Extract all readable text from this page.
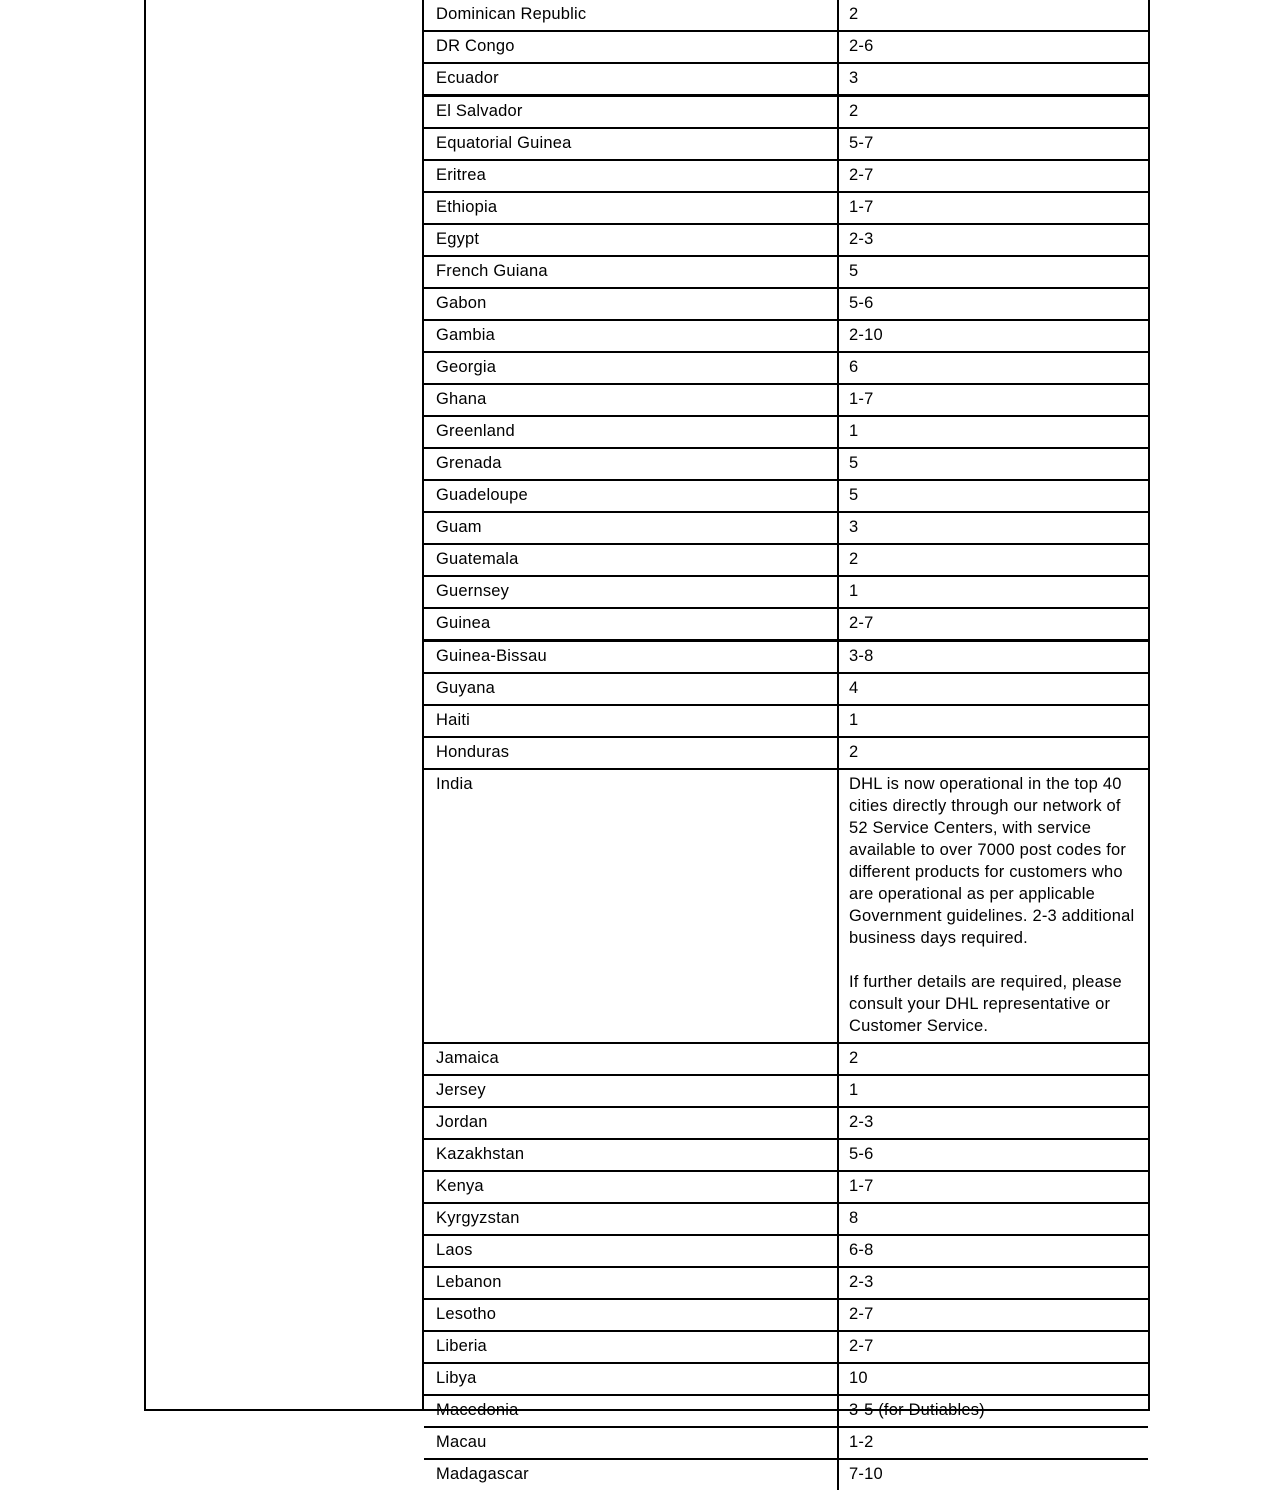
Dominican Republic	2
DR Congo	2-6
Ecuador	3
El Salvador	2
Equatorial Guinea	5-7
Eritrea	2-7
Ethiopia	1-7
Egypt	2-3
French Guiana	5
Gabon	5-6
Gambia	2-10
Georgia	6
Ghana	1-7
Greenland	1
Grenada	5
Guadeloupe	5
Guam	3
Guatemala	2
Guernsey	1
Guinea	2-7
Guinea-Bissau	3-8
Guyana	4
Haiti	1
Honduras	2
India	DHL is now operational in the top 40 cities directly through our network of 52 Service Centers, with service available to over 7000 post codes for different products for customers who are operational as per applicable Government guidelines. 2-3 additional business days required.

If further details are required, please consult your DHL representative or Customer Service.
Jamaica	2
Jersey	1
Jordan	2-3
Kazakhstan	5-6
Kenya	1-7
Kyrgyzstan	8
Laos	6-8
Lebanon	2-3
Lesotho	2-7
Liberia	2-7
Libya	10
Macedonia	3-5 (for Dutiables)
Macau	1-2
Madagascar	7-10
